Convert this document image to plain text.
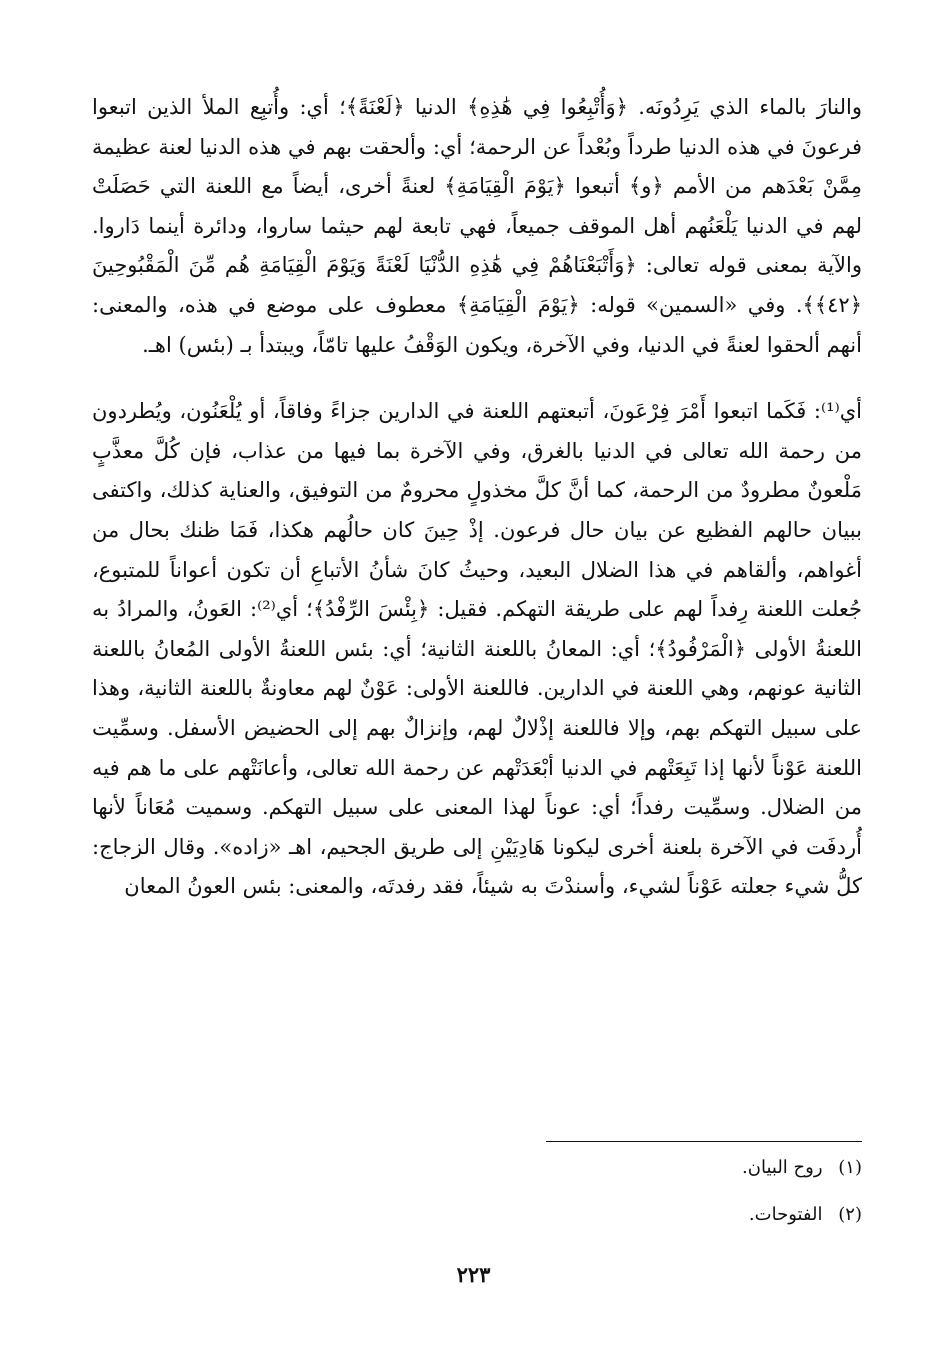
والنارَ بالماء الذي يَرِدُونَه. ﴿وَأُتْبِعُوا فِي هَٰذِهِ﴾ الدنيا ﴿لَعْنَةً﴾؛ أي: وأُتبِع الملأ الذين اتبعوا فرعونَ في هذه الدنيا طرداً وبُعْداً عن الرحمة؛ أي: وألحقت بهم في هذه الدنيا لعنة عظيمة مِمَّنْ بَعْدَهم من الأمم ﴿و﴾ أتبعوا ﴿يَوْمَ الْقِيَامَةِ﴾ لعنةً أخرى، أيضاً مع اللعنة التي حَصَلَتْ لهم في الدنيا يَلْعَنُهم أهل الموقف جميعاً، فهي تابعة لهم حيثما ساروا، ودائرة أينما دَاروا. والآية بمعنى قوله تعالى: ﴿وَأَتْبَعْنَاهُمْ فِي هَٰذِهِ الدُّنْيَا لَعْنَةً وَيَوْمَ الْقِيَامَةِ هُم مِّنَ الْمَقْبُوحِينَ ﴿٤٢﴾﴾. وفي «السمين» قوله: ﴿يَوْمَ الْقِيَامَةِ﴾ معطوف على موضع في هذه، والمعنى: أنهم ألحقوا لعنةً في الدنيا، وفي الآخرة، ويكون الوَقْفُ عليها تامّاً، ويبتدأ بـ (بئس) اهـ.

أي⁽¹⁾: فَكَما اتبعوا أَمْرَ فِرْعَونَ، أتبعتهم اللعنة في الدارين جزاءً وفاقاً، أو يُلْعَنُون، ويُطردون من رحمة الله تعالى في الدنيا بالغرق، وفي الآخرة بما فيها من عذاب، فإن كُلَّ معذَّبٍ مَلْعونٌ مطرودٌ من الرحمة، كما أنَّ كلَّ مخذولٍ محرومٌ من التوفيق، والعناية كذلك، واكتفى ببيان حالهم الفظيع عن بيان حال فرعون. إذْ حِينَ كان حالُهم هكذا، فَمَا ظنك بحال من أغواهم، وألقاهم في هذا الضلال البعيد، وحيثُ كانَ شأنُ الأتباعِ أن تكون أعواناً للمتبوع، جُعلت اللعنة رِفداً لهم على طريقة التهكم. فقيل: ﴿بِئْسَ الرِّفْدُ﴾؛ أي⁽²⁾: العَونُ، والمرادُ به اللعنةُ الأولى ﴿الْمَرْفُودُ﴾؛ أي: المعانُ باللعنة الثانية؛ أي: بئس اللعنةُ الأولى المُعانُ باللعنة الثانية عونهم، وهي اللعنة في الدارين. فاللعنة الأولى: عَوْنٌ لهم معاونةٌ باللعنة الثانية، وهذا على سبيل التهكم بهم، وإلا فاللعنة إذْلالٌ لهم، وإنزالٌ بهم إلى الحضيض الأسفل. وسمِّيت اللعنة عَوْناً لأنها إذا تَبِعَتْهم في الدنيا أبْعَدَتْهم عن رحمة الله تعالى، وأعانَتْهم على ما هم فيه من الضلال. وسمِّيت رفداً؛ أي: عوناً لهذا المعنى على سبيل التهكم. وسميت مُعَاناً لأنها أُردفَت في الآخرة بلعنة أخرى ليكونا هَادِيَيْنِ إلى طريق الجحيم، اهـ «زاده». وقال الزجاج: كلُّ شيء جعلته عَوْناً لشيء، وأسندْتَ به شيئاً، فقد رفدتَه، والمعنى: بئس العونُ المعان

(١) روح البيان.

(٢) الفتوحات.

٢٢٣
